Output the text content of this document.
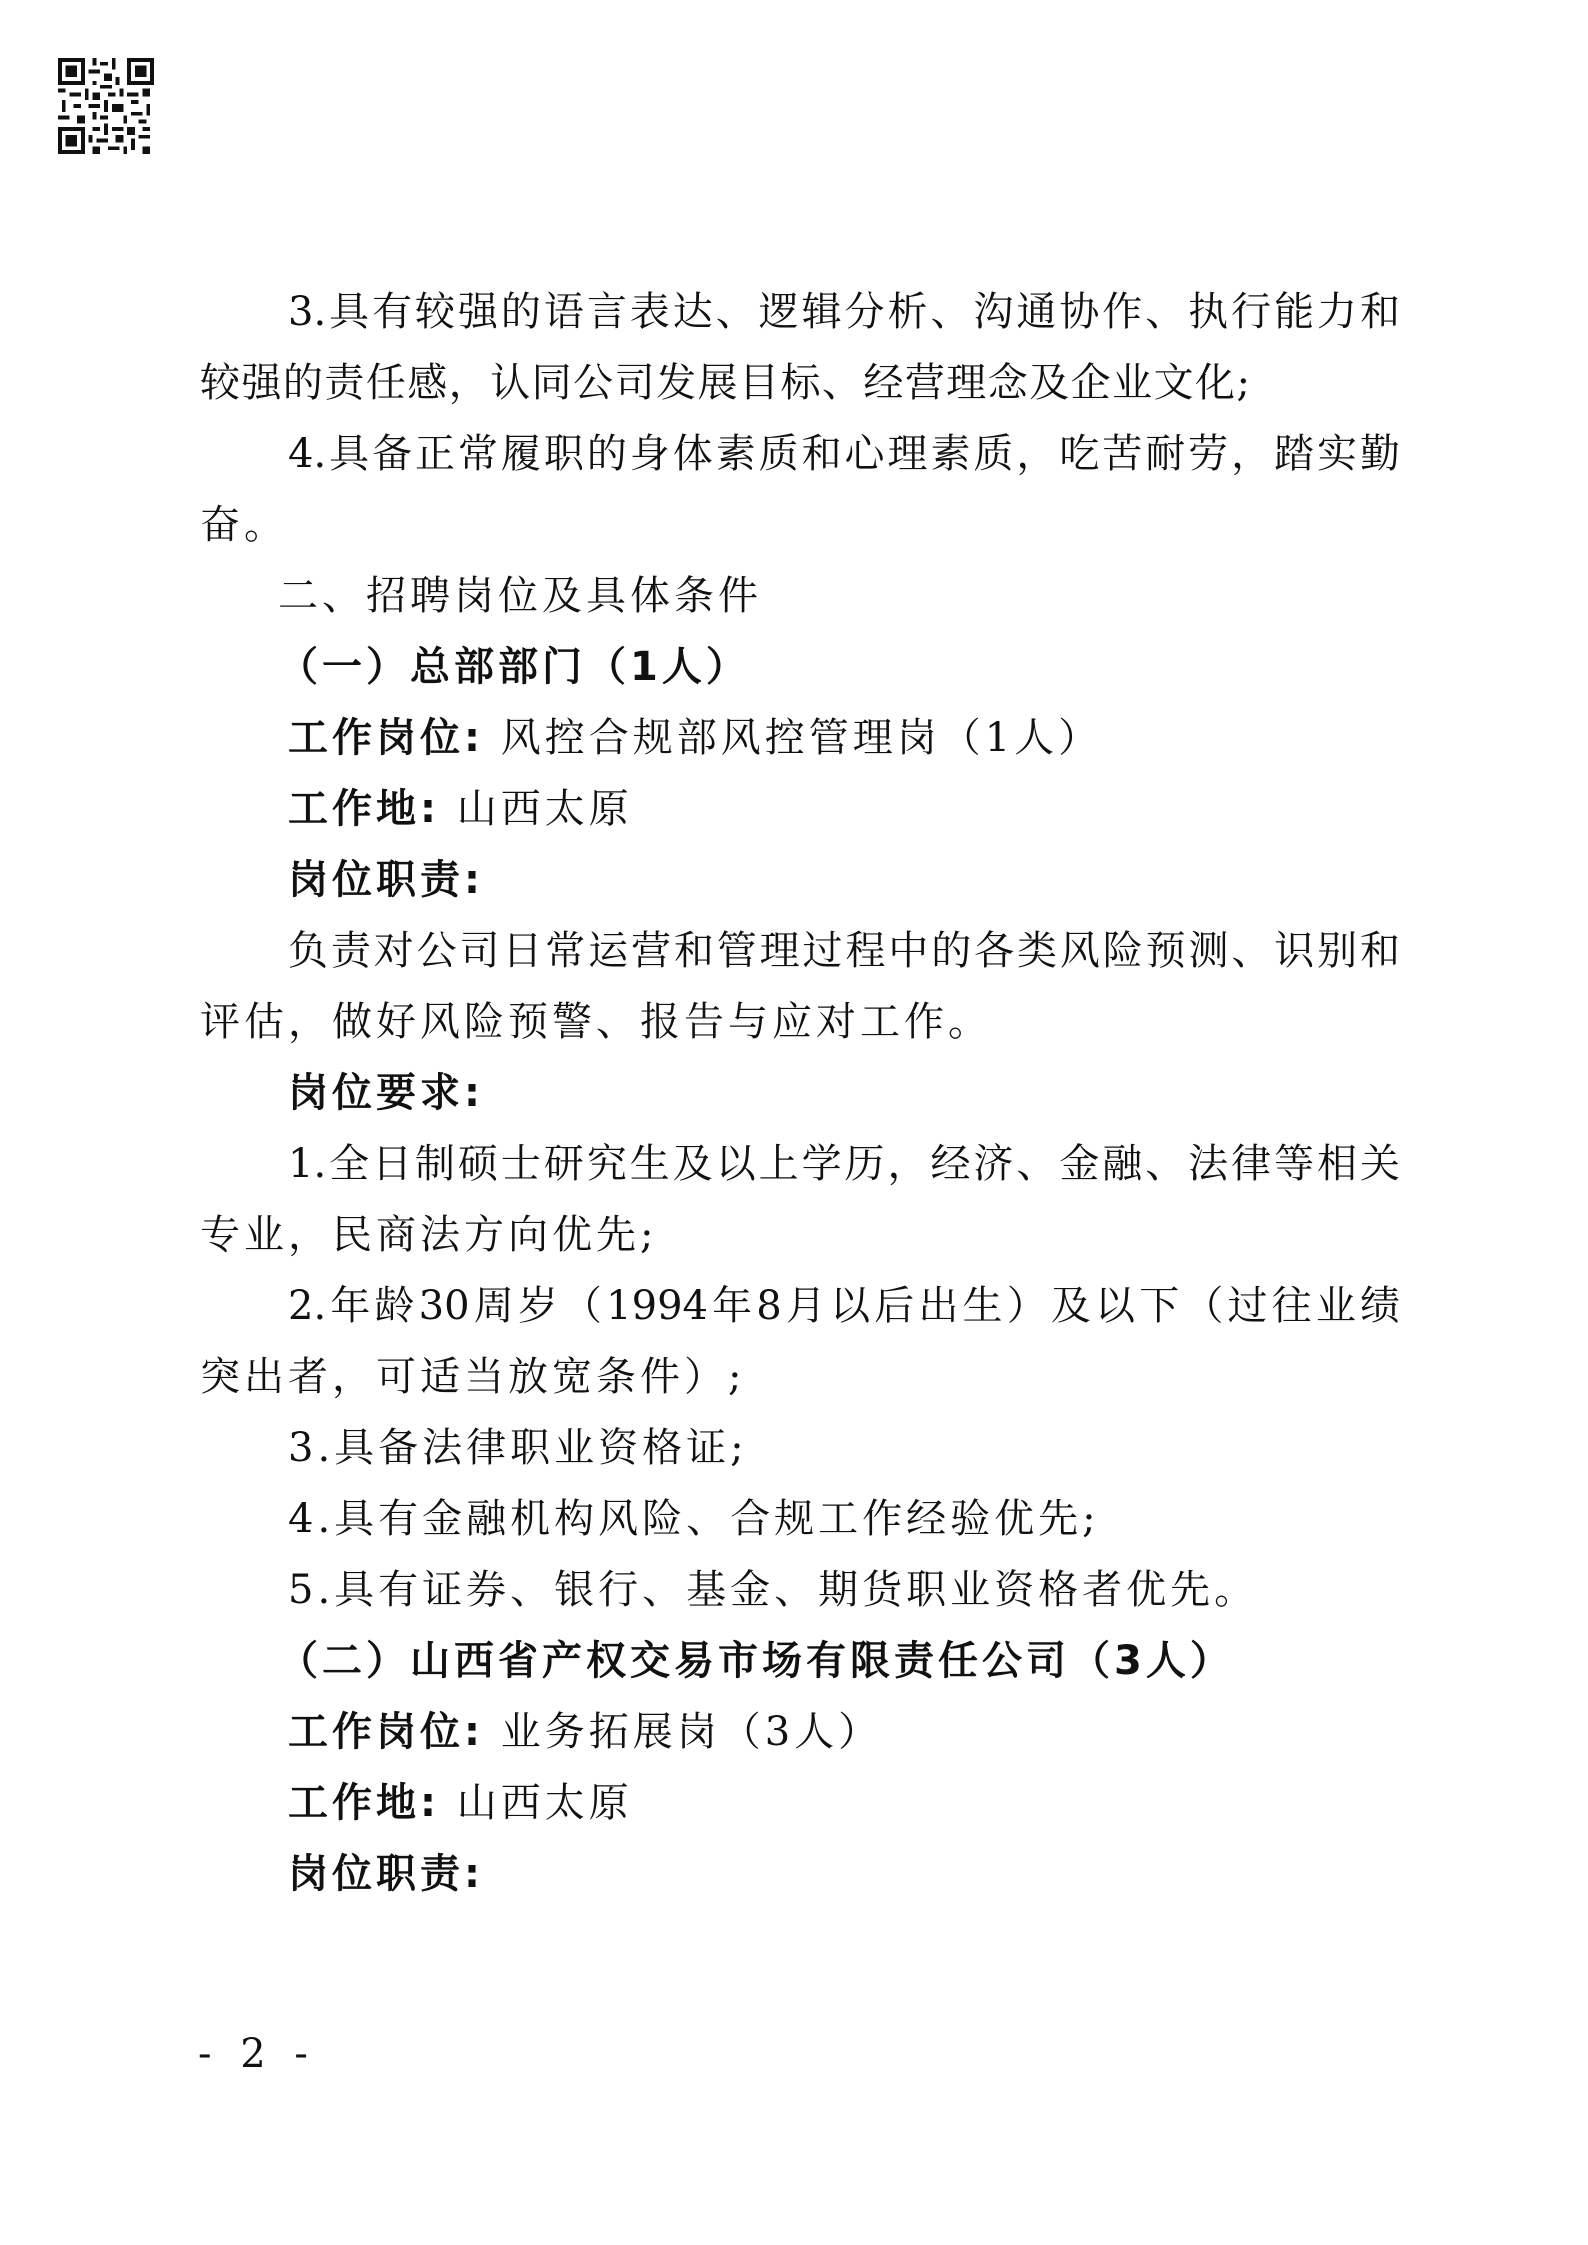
3.具有较强的语言表达、逻辑分析、沟通协作、执行能力和
较强的责任感，认同公司发展目标、经营理念及企业文化;
4.具备正常履职的身体素质和心理素质，吃苦耐劳，踏实勤
奋。
二、招聘岗位及具体条件
（一）总部部门（1人）
工作岗位: 风控合规部风控管理岗（1人）
工作地: 山西太原
岗位职责:
负责对公司日常运营和管理过程中的各类风险预测、识别和
评估，做好风险预警、报告与应对工作。
岗位要求:
1.全日制硕士研究生及以上学历，经济、金融、法律等相关
专业，民商法方向优先;
2.年龄30周岁（1994年8月以后出生）及以下（过往业绩
突出者，可适当放宽条件）;
3.具备法律职业资格证;
4.具有金融机构风险、合规工作经验优先;
5.具有证券、银行、基金、期货职业资格者优先。
（二）山西省产权交易市场有限责任公司（3人）
工作岗位: 业务拓展岗（3人）
工作地: 山西太原
岗位职责:
- 2 -
